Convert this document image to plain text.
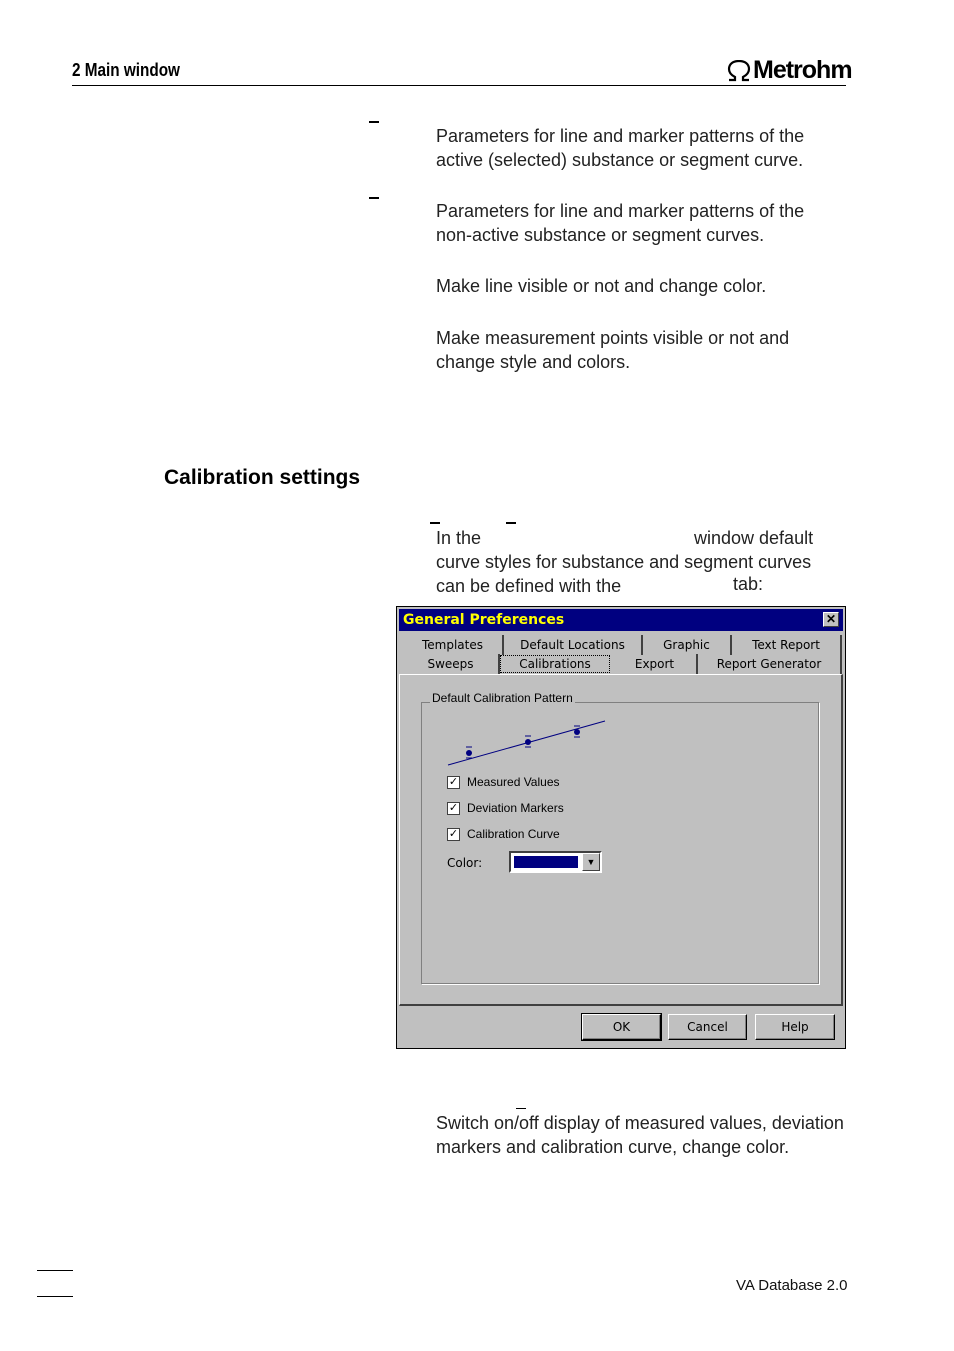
2 Main window	Metrohm
Parameters for line and marker patterns of the active (selected) substance or segment curve.
Parameters for line and marker patterns of the non-active substance or segment curves.
Make line visible or not and change color.
Make measurement points visible or not and change style and colors.
Calibration settings
In the	window default curve styles for substance and segment curves can be defined with the	tab:
General Preferences	✕
Templates	Default Locations	Graphic	Text Report
Sweeps	Calibrations	Export	Report Generator
OK	Cancel	Help
Default Calibration Pattern
✓ Measured Values
✓ Deviation Markers
✓ Calibration Curve
Color:	▼
Switch on/off display of measured values, deviation markers and calibration curve, change color.
VA Database 2.0
